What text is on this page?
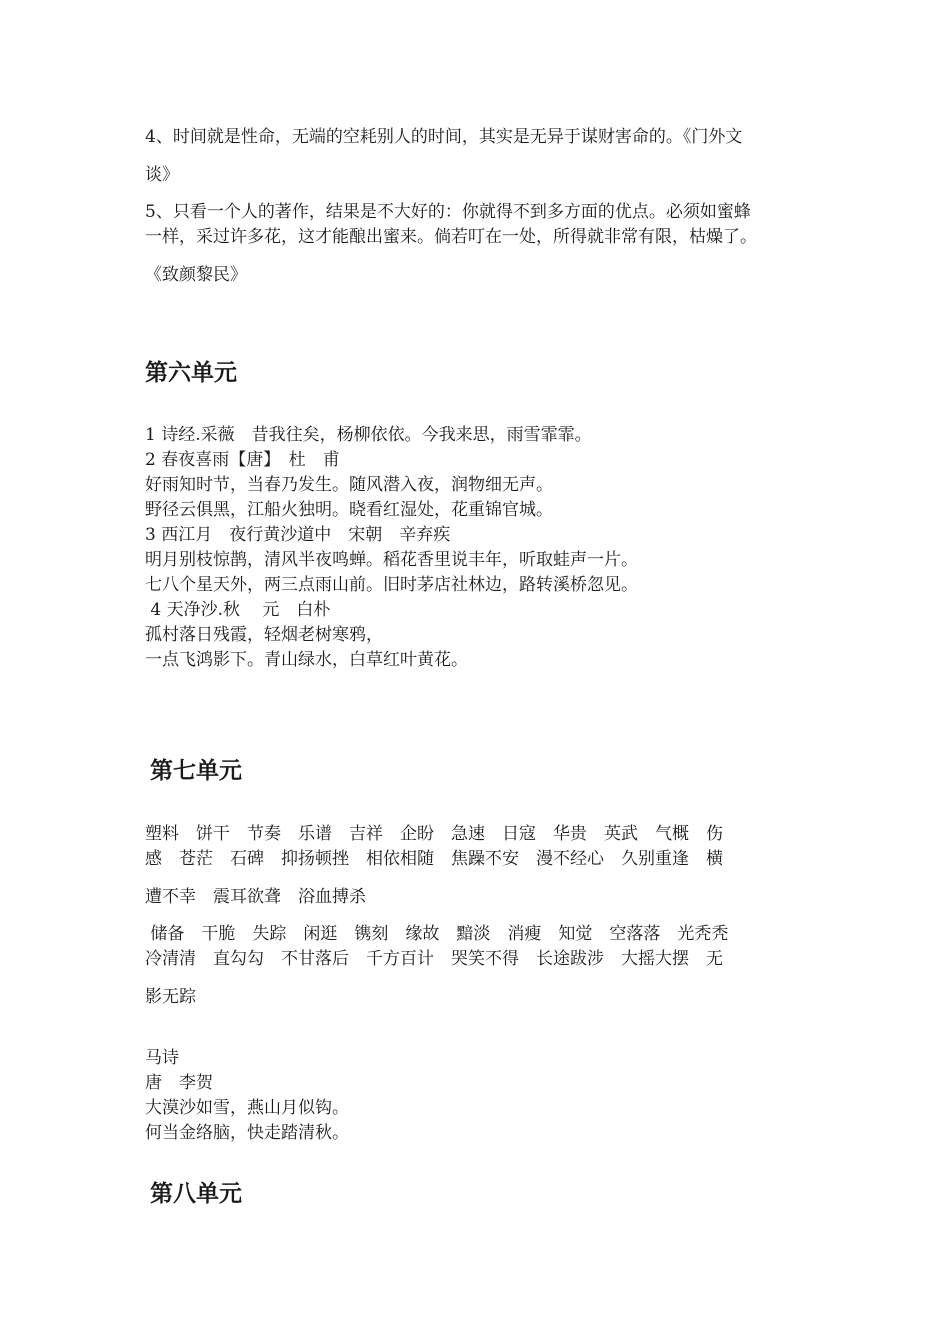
4、时间就是性命，无端的空耗别人的时间，其实是无异于谋财害命的。《门外文

谈》

5、只看一个人的著作，结果是不大好的：你就得不到多方面的优点。必须如蜜蜂

一样，采过许多花，这才能酿出蜜来。倘若叮在一处，所得就非常有限，枯燥了。

《致颜黎民》

第六单元

1 诗经.采薇　昔我往矣，杨柳依依。今我来思，雨雪霏霏。

2 春夜喜雨【唐】　杜　甫

好雨知时节，当春乃发生。随风潜入夜，润物细无声。

野径云俱黑，江船火独明。晓看红湿处，花重锦官城。

3 西江月　夜行黄沙道中　宋朝　辛弃疾

明月别枝惊鹊，清风半夜鸣蝉。稻花香里说丰年，听取蛙声一片。

七八个星天外，两三点雨山前。旧时茅店社林边，路转溪桥忽见。

4 天净沙.秋　 元　白朴

孤村落日残霞，轻烟老树寒鸦，

一点飞鸿影下。青山绿水，白草红叶黄花。

第七单元

塑料　饼干　节奏　乐谱　吉祥　企盼　急速　日寇　华贵　英武　气概　伤

感　苍茫　石碑　抑扬顿挫　相依相随　焦躁不安　漫不经心　久别重逢　横

遭不幸　震耳欲聋　浴血搏杀

储备　干脆　失踪　闲逛　镌刻　缘故　黯淡　消瘦　知觉　空落落　光秃秃

冷清清　直勾勾　不甘落后　千方百计　哭笑不得　长途跋涉　大摇大摆　无

影无踪

马诗

唐　李贺

大漠沙如雪，燕山月似钩。

何当金络脑，快走踏清秋。

第八单元
